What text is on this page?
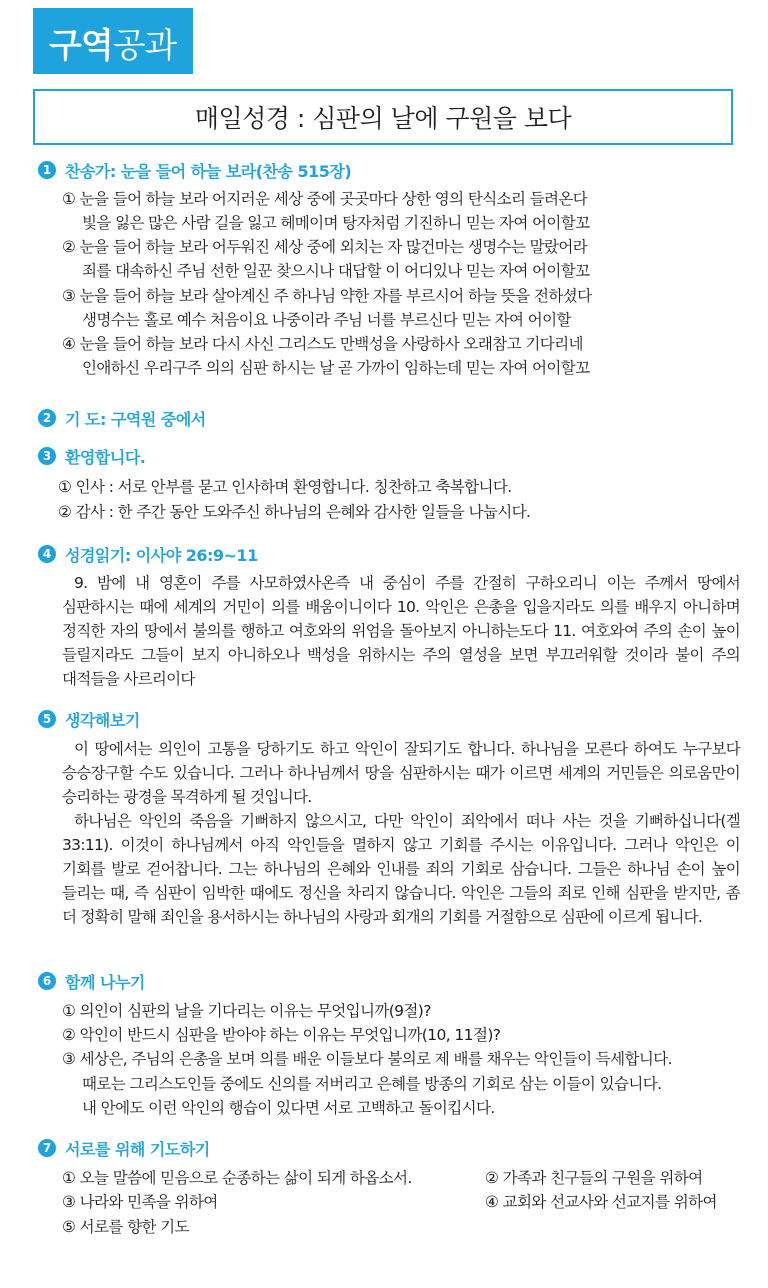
구역공과
매일성경 : 심판의 날에 구원을 보다
1 찬송가: 눈을 들어 하늘 보라(찬송 515장)
① 눈을 들어 하늘 보라 어지러운 세상 중에 곳곳마다 상한 영의 탄식소리 들려온다
빛을 잃은 많은 사람 길을 잃고 헤메이며 탕자처럼 기진하니 믿는 자여 어이할꼬
② 눈을 들어 하늘 보라 어두워진 세상 중에 외치는 자 많건마는 생명수는 말랐어라
죄를 대속하신 주님 선한 일꾼 찾으시나 대답할 이 어디있나 믿는 자여 어이할꼬
③ 눈을 들어 하늘 보라 살아계신 주 하나님 약한 자를 부르시어 하늘 뜻을 전하셨다
생명수는 홀로 예수 처음이요 나중이라 주님 너를 부르신다 믿는 자여 어이할
④ 눈을 들어 하늘 보라 다시 사신 그리스도 만백성을 사랑하사 오래참고 기다리네
인애하신 우리구주 의의 심판 하시는 날 곧 가까이 임하는데 믿는 자여 어이할꼬
2 기 도: 구역원 중에서
3 환영합니다.
① 인사 : 서로 안부를 묻고 인사하며 환영합니다. 칭찬하고 축복합니다.
② 감사 : 한 주간 동안 도와주신 하나님의 은혜와 감사한 일들을 나눕시다.
4 성경읽기: 이사야 26:9~11

9. 밤에 내 영혼이 주를 사모하였사온즉 내 중심이 주를 간절히 구하오리니 이는 주께서 땅에서 심판하시는 때에 세계의 거민이 의를 배움이니이다 10. 악인은 은총을 입을지라도 의를 배우지 아니하며 정직한 자의 땅에서 불의를 행하고 여호와의 위엄을 돌아보지 아니하는도다 11. 여호와여 주의 손이 높이 들릴지라도 그들이 보지 아니하오나 백성을 위하시는 주의 열성을 보면 부끄러워할 것이라 불이 주의 대적들을 사르리이다

5 생각해보기

이 땅에서는 의인이 고통을 당하기도 하고 악인이 잘되기도 합니다. 하나님을 모른다 하여도 누구보다 승승장구할 수도 있습니다. 그러나 하나님께서 땅을 심판하시는 때가 이르면 세계의 거민들은 의로움만이 승리하는 광경을 목격하게 될 것입니다.

하나님은 악인의 죽음을 기뻐하지 않으시고, 다만 악인이 죄악에서 떠나 사는 것을 기뻐하십니다(겔 33:11). 이것이 하나님께서 아직 악인들을 멸하지 않고 기회를 주시는 이유입니다. 그러나 악인은 이 기회를 발로 걷어찹니다. 그는 하나님의 은혜와 인내를 죄의 기회로 삼습니다. 그들은 하나님 손이 높이 들리는 때, 즉 심판이 임박한 때에도 정신을 차리지 않습니다. 악인은 그들의 죄로 인해 심판을 받지만, 좀 더 정확히 말해 죄인을 용서하시는 하나님의 사랑과 회개의 기회를 거절함으로 심판에 이르게 됩니다.

6 함께 나누기
① 의인이 심판의 날을 기다리는 이유는 무엇입니까(9절)?
② 악인이 반드시 심판을 받아야 하는 이유는 무엇입니까(10, 11절)?
③ 세상은, 주님의 은총을 보며 의를 배운 이들보다 불의로 제 배를 채우는 악인들이 득세합니다.
때로는 그리스도인들 중에도 신의를 저버리고 은혜를 방종의 기회로 삼는 이들이 있습니다.
내 안에도 이런 악인의 행습이 있다면 서로 고백하고 돌이킵시다.
7 서로를 위해 기도하기
① 오늘 말씀에 믿음으로 순종하는 삶이 되게 하옵소서.	② 가족과 친구들의 구원을 위하여
③ 나라와 민족을 위하여	④ 교회와 선교사와 선교지를 위하여
⑤ 서로를 향한 기도
